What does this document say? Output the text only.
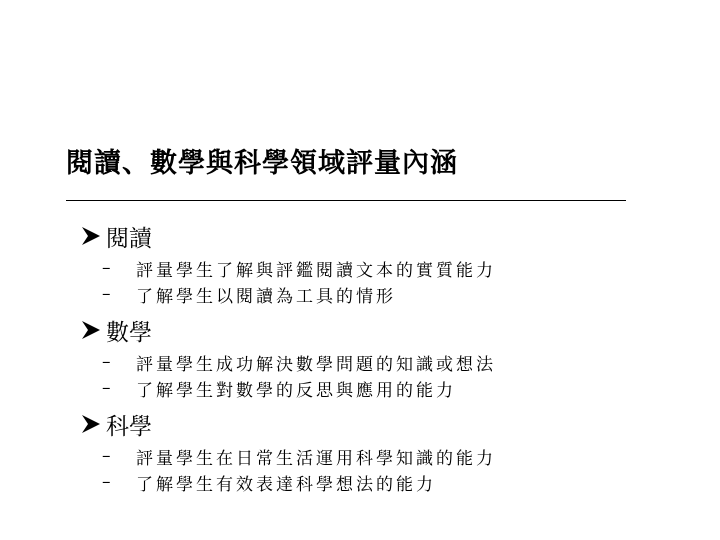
閱讀、數學與科學領域評量內涵
閱讀
–	評量學生了解與評鑑閱讀文本的實質能力
–	了解學生以閱讀為工具的情形
數學
–	評量學生成功解決數學問題的知識或想法
–	了解學生對數學的反思與應用的能力
科學
–	評量學生在日常生活運用科學知識的能力
–	了解學生有效表達科學想法的能力
